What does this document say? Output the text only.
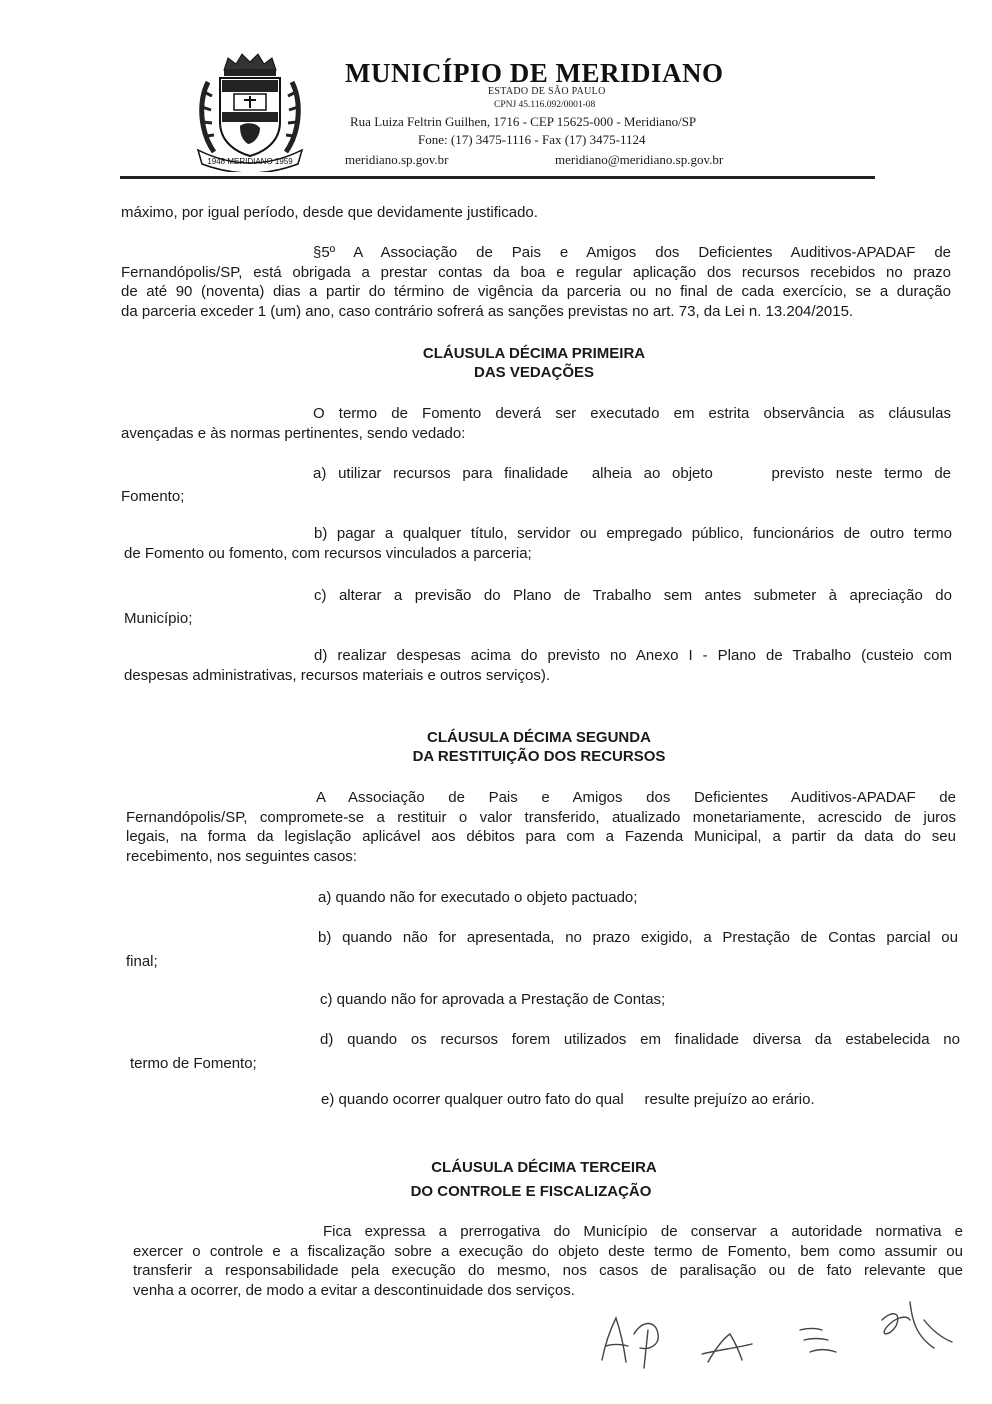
1948 MERIDIANO 1959
MUNICÍPIO DE MERIDIANO
ESTADO DE SÃO PAULO
CPNJ 45.116.092/0001-08
Rua Luiza Feltrin Guilhen, 1716 - CEP 15625-000 - Meridiano/SP
Fone: (17) 3475-1116 - Fax (17) 3475-1124
meridiano.sp.gov.br	meridiano@meridiano.sp.gov.br
máximo, por igual período, desde que devidamente justificado.
§5º A Associação de Pais e Amigos dos Deficientes Auditivos-APADAF de
Fernandópolis/SP, está obrigada a prestar contas da boa e regular aplicação dos recursos recebidos no prazo
de até 90 (noventa) dias a partir do término de vigência da parceria ou no final de cada exercício, se a duração
da parceria exceder 1 (um) ano, caso contrário sofrerá as sanções previstas no art. 73, da Lei n. 13.204/2015.
CLÁUSULA DÉCIMA PRIMEIRA
DAS VEDAÇÕES
O termo de Fomento deverá ser executado em estrita observância as cláusulas
avençadas e às normas pertinentes, sendo vedado:
a) utilizar recursos para finalidade  alheia ao objeto     previsto neste termo de
Fomento;
b) pagar a qualquer título, servidor ou empregado público, funcionários de outro termo
de Fomento ou fomento, com recursos vinculados a parceria;
c) alterar a previsão do Plano de Trabalho sem antes submeter à apreciação do
Município;
d) realizar despesas acima do previsto no Anexo I - Plano de Trabalho (custeio com
despesas administrativas, recursos materiais e outros serviços).
CLÁUSULA DÉCIMA SEGUNDA
DA RESTITUIÇÃO DOS RECURSOS
A Associação de Pais e Amigos dos Deficientes Auditivos-APADAF de
Fernandópolis/SP, compromete-se a restituir o valor transferido, atualizado monetariamente, acrescido de juros
legais, na forma da legislação aplicável aos débitos para com a Fazenda Municipal, a partir da data do seu
recebimento, nos seguintes casos:
a) quando não for executado o objeto pactuado;
b) quando não for apresentada, no prazo exigido, a Prestação de Contas parcial ou
final;
c) quando não for aprovada a Prestação de Contas;
d) quando os recursos forem utilizados em finalidade diversa da estabelecida no
termo de Fomento;
e) quando ocorrer qualquer outro fato do qual     resulte prejuízo ao erário.
CLÁUSULA DÉCIMA TERCEIRA
DO CONTROLE E FISCALIZAÇÃO
Fica expressa a prerrogativa do Município de conservar a autoridade normativa e
exercer o controle e a fiscalização sobre a execução do objeto deste termo de Fomento, bem como assumir ou
transferir a responsabilidade pela execução do mesmo, nos casos de paralisação ou de fato relevante que
venha a ocorrer, de modo a evitar a descontinuidade dos serviços.
